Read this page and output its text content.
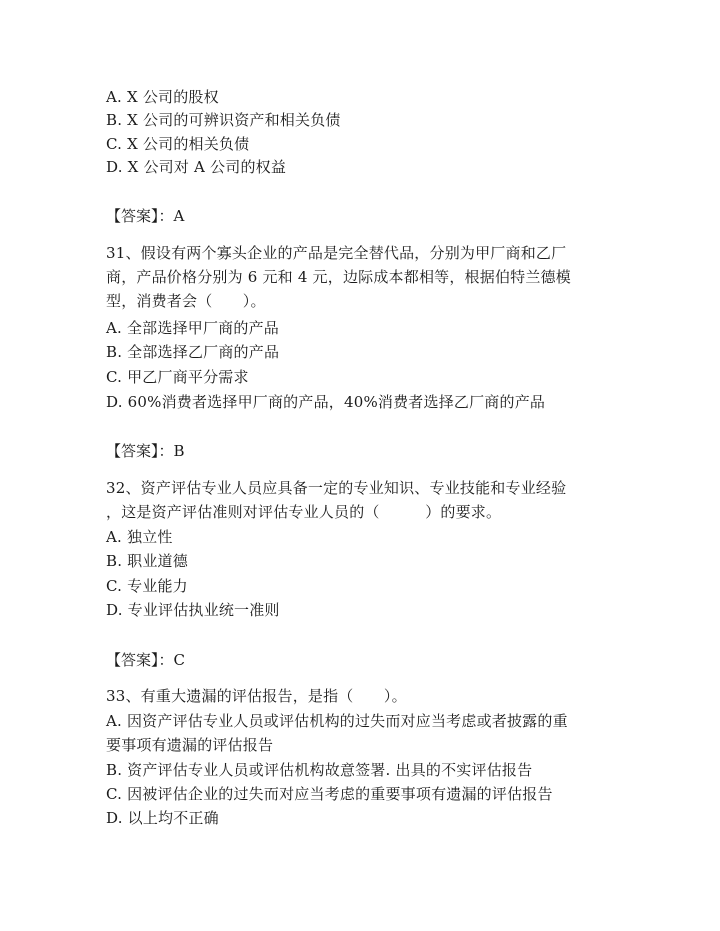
A. X 公司的股权
B. X 公司的可辨识资产和相关负债
C. X 公司的相关负债
D. X 公司对 A 公司的权益
【答案】：A
31、假设有两个寡头企业的产品是完全替代品，分别为甲厂商和乙厂
商，产品价格分别为 6 元和 4 元，边际成本都相等，根据伯特兰德模
型，消费者会（　　）。
A. 全部选择甲厂商的产品
B. 全部选择乙厂商的产品
C. 甲乙厂商平分需求
D. 60%消费者选择甲厂商的产品，40%消费者选择乙厂商的产品
【答案】：B
32、资产评估专业人员应具备一定的专业知识、专业技能和专业经验
，这是资产评估准则对评估专业人员的（　　　）的要求。
A. 独立性
B. 职业道德
C. 专业能力
D. 专业评估执业统一准则
【答案】：C
33、有重大遗漏的评估报告，是指（　　）。
A. 因资产评估专业人员或评估机构的过失而对应当考虑或者披露的重
要事项有遗漏的评估报告
B. 资产评估专业人员或评估机构故意签署. 出具的不实评估报告
C. 因被评估企业的过失而对应当考虑的重要事项有遗漏的评估报告
D. 以上均不正确
